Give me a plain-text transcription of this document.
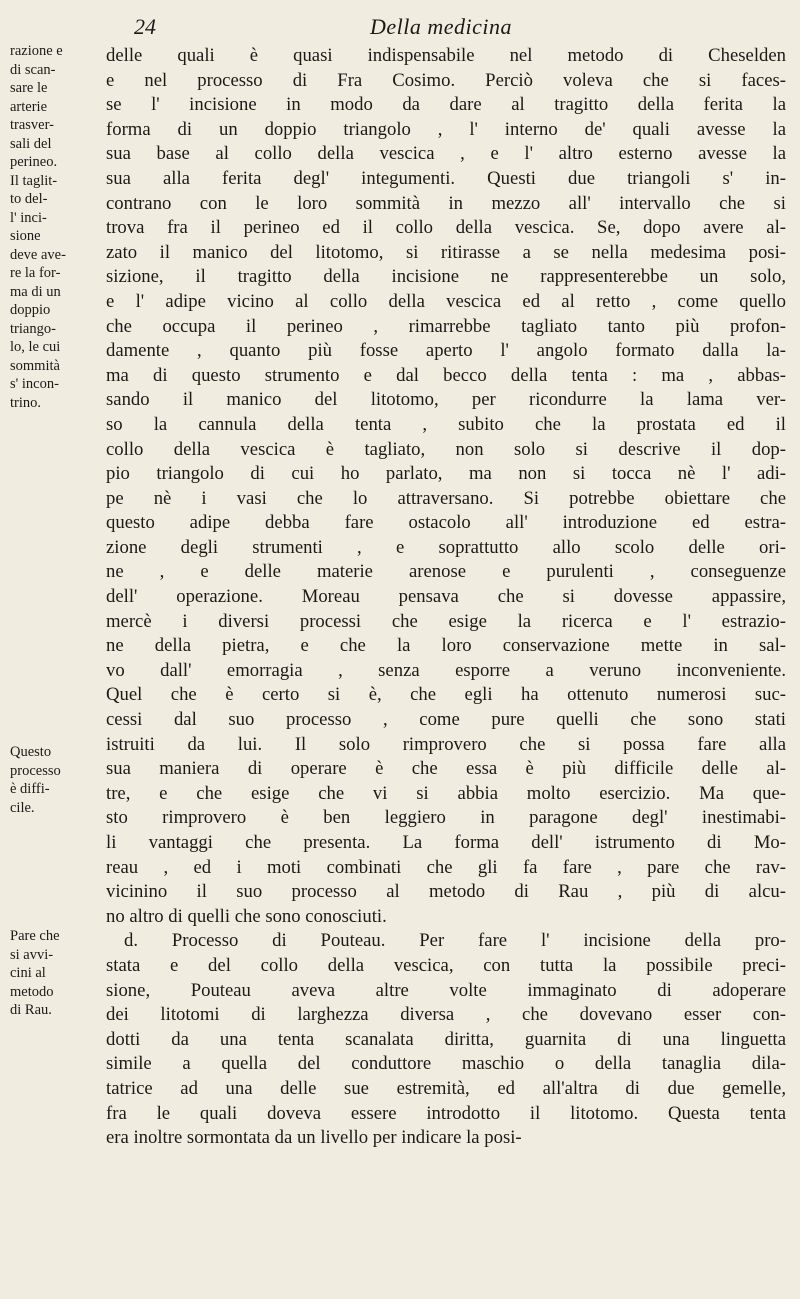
24	Della medicina
razione e
di scan-
sare le
arterie
trasver-
sali del
perineo.
Il taglit-
to del-
l' inci-
sione
deve ave-
re la for-
ma di un
doppio
triango-
lo, le cui
sommità
s' incon-
trino.
Questo
processo
è diffi-
cile.
Pare che
si avvi-
cini al
metodo
di Rau.
delle quali è quasi indispensabile nel metodo di Cheselden
e nel processo di Fra Cosimo. Perciò voleva che si faces-
se l' incisione in modo da dare al tragitto della ferita la
forma di un doppio triangolo , l' interno de' quali avesse la
sua base al collo della vescica , e l' altro esterno avesse la
sua alla ferita degl' integumenti. Questi due triangoli s' in-
contrano con le loro sommità in mezzo all' intervallo che si
trova fra il perineo ed il collo della vescica. Se, dopo avere al-
zato il manico del litotomo, si ritirasse a se nella medesima posi-
sizione, il tragitto della incisione ne rappresenterebbe un solo,
e l' adipe vicino al collo della vescica ed al retto , come quello
che occupa il perineo , rimarrebbe tagliato tanto più profon-
damente , quanto più fosse aperto l' angolo formato dalla la-
ma di questo strumento e dal becco della tenta : ma , abbas-
sando il manico del litotomo, per ricondurre la lama ver-
so la cannula della tenta , subito che la prostata ed il
collo della vescica è tagliato, non solo si descrive il dop-
pio triangolo di cui ho parlato, ma non si tocca nè l' adi-
pe nè i vasi che lo attraversano. Si potrebbe obiettare che
questo adipe debba fare ostacolo all' introduzione ed estra-
zione degli strumenti , e soprattutto allo scolo delle ori-
ne , e delle materie arenose e purulenti , conseguenze
dell' operazione. Moreau pensava che si dovesse appassire,
mercè i diversi processi che esige la ricerca e l' estrazio-
ne della pietra, e che la loro conservazione mette in sal-
vo dall' emorragia , senza esporre a veruno inconveniente.
Quel che è certo si è, che egli ha ottenuto numerosi suc-
cessi dal suo processo , come pure quelli che sono stati
istruiti da lui. Il solo rimprovero che si possa fare alla
sua maniera di operare è che essa è più difficile delle al-
tre, e che esige che vi si abbia molto esercizio. Ma que-
sto rimprovero è ben leggiero in paragone degl' inestimabi-
li vantaggi che presenta. La forma dell' istrumento di Mo-
reau , ed i moti combinati che gli fa fare , pare che rav-
vicinino il suo processo al metodo di Rau , più di alcu-
no altro di quelli che sono conosciuti.
d. Processo di Pouteau. Per fare l' incisione della pro-
stata e del collo della vescica, con tutta la possibile preci-
sione, Pouteau aveva altre volte immaginato di adoperare
dei litotomi di larghezza diversa , che dovevano esser con-
dotti da una tenta scanalata diritta, guarnita di una linguetta
simile a quella del conduttore maschio o della tanaglia dila-
tatrice ad una delle sue estremità, ed all'altra di due gemelle,
fra le quali doveva essere introdotto il litotomo. Questa tenta
era inoltre sormontata da un livello per indicare la posi-
